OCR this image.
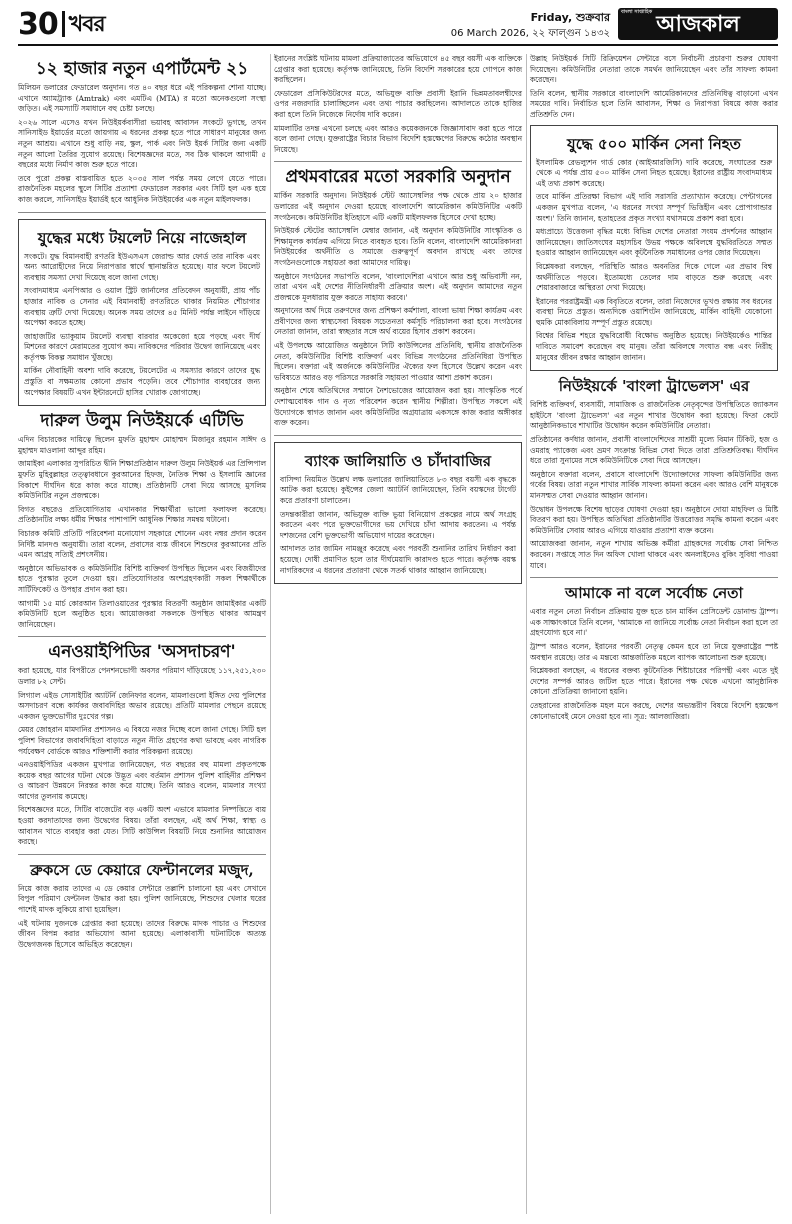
30 খবর	Friday, শুক্রবার
06 March 2026, ২২ ফাল্গুন ১৪৩২
বাংলা সাপ্তাহিক আজকাল
১২ হাজার নতুন এপার্টমেন্ট ২১

মিলিয়ন ডলারের ফেডারেল অনুদান। গত ৪০ বছর ধরে এই পরিকল্পনা শোনা যাচ্ছে। এখানে অ্যামট্র্যাক (Amtrak) এবং এমটিএ (MTA) র মতো অনেকগুলো সংস্থা জড়িত। এই সমস্যাটি সমাধানে বহু চেষ্টা চলছে।

২০২৬ সালে এসেও যখন নিউইয়র্কবাসীরা ভয়াবহ আবাসন সংকটে ভুগছে, তখন সানিসাইড ইয়ার্ডের মতো জায়গায় এ ধরনের প্রকল্প হতে পারে সাধারণ মানুষের জন্য নতুন আশ্রয়। এখানে শুধু বাড়ি নয়, স্কুল, পার্ক এবং নিউ ইয়র্ক সিটির জন্য একটি নতুন আলো তৈরির সুযোগ রয়েছে। বিশেষজ্ঞদের মতে, সব ঠিক থাকলে আগামী ৫ বছরের মধ্যে নির্মাণ কাজ শুরু হতে পারে।

তবে পুরো প্রকল্প বাস্তবায়িত হতে ২০৩৫ সাল পর্যন্ত সময় লেগে যেতে পারে। রাজনৈতিক মহলের স্থুলে সিটির প্রত্যাশা ফেডারেল সরকার এবং সিটি হল এক হয়ে কাজ করলে, সানিসাইড ইয়ার্ডই হবে আধুনিক নিউইয়র্কের এক নতুন মাইলফলক।

যুদ্ধের মধ্যে টয়লেট নিয়ে নাজেহাল

সংকটে। যুদ্ধ বিমানবাহী রণতরি ইউএসএস জেরাল্ড আর ফোর্ড তার নাবিক এবং অন্য আরোহীদের নিয়ে নিরাপত্তার স্বার্থে স্থানান্তরিত হয়েছে। যার ফলে টয়লেট ব্যবস্থায় সমস্যা দেখা দিয়েছে বলে জানা গেছে।

সংবাদমাধ্যম এনপিআর ও ওয়াল স্ট্রিট জার্নালের প্রতিবেদন অনুযায়ী, প্রায় পাঁচ হাজার নাবিক ও সেনার এই বিমানবাহী রণতরিতে থাকার নিয়মিত শৌচাগার ব্যবস্থায় ত্রুটি দেখা দিয়েছে। অনেক সময় তাদের ৪৫ মিনিট পর্যন্ত লাইনে দাঁড়িয়ে অপেক্ষা করতে হচ্ছে।

জাহাজটির ভ্যাকুয়াম টয়লেট ব্যবস্থা বারবার অকেজো হয়ে পড়ছে এবং দীর্ঘ মিশনের কারণে মেরামতের সুযোগ কম। নাবিকদের পরিবার উদ্বেগ জানিয়েছে এবং কর্তৃপক্ষ বিকল্প সমাধান খুঁজছে।

মার্কিন নৌবাহিনী অবশ্য দাবি করেছে, টয়লেটের এ সমস্যার কারণে তাদের যুদ্ধ প্রস্তুতি বা সক্ষমতায় কোনো প্রভাব পড়েনি। তবে শৌচাগার ব্যবহারের জন্য অপেক্ষার বিষয়টি এখন ইন্টারনেটে হাসির খোরাক জোগাচ্ছে।

দারুল উলুম নিউইয়র্কে এটিভি

এদিন বিচারকের দায়িত্বে ছিলেন মুফতি মুহাম্মদ মোহাম্মদ মিজানুর রহমান সাঈদ ও মুহাম্মদ মাওলানা আব্দুর রহিম।

জামাইকা এলাকার সুপরিচিত দ্বীনি শিক্ষাপ্রতিষ্ঠান দারুল উলুম নিউইয়র্ক এর প্রিন্সিপাল মুফতি মুহিবুল্লাহর তত্ত্বাবধানে কুরআনের হিফজ, নৈতিক শিক্ষা ও ইসলামি জ্ঞানের বিকাশে দীর্ঘদিন ধরে কাজ করে যাচ্ছে। প্রতিষ্ঠানটি সেবা দিয়ে আসছে মুসলিম কমিউনিটির নতুন প্রজন্মকে।

বিগত বছরেও প্রতিযোগিতায় এখানকার শিক্ষার্থীরা ভালো ফলাফল করেছে। প্রতিষ্ঠানটির লক্ষ্য ধর্মীয় শিক্ষার পাশাপাশি আধুনিক শিক্ষার সমন্বয় ঘটানো।

বিচারক কমিটি প্রতিটি পরিবেশনা মনোযোগ সহকারে শোনেন এবং নম্বর প্রদান করেন নির্দিষ্ট মানদণ্ড অনুযায়ী। তারা বলেন, প্রবাসের ব্যস্ত জীবনে শিশুদের কুরআনের প্রতি এমন আগ্রহ সত্যিই প্রশংসনীয়।

অনুষ্ঠানে অভিভাবক ও কমিউনিটির বিশিষ্ট ব্যক্তিবর্গ উপস্থিত ছিলেন এবং বিজয়ীদের হাতে পুরস্কার তুলে দেওয়া হয়। প্রতিযোগিতার অংশগ্রহণকারী সকল শিক্ষার্থীকে সার্টিফিকেট ও উপহার প্রদান করা হয়।

আগামী ১৫ মার্চ কোরআন তিলাওয়াতের পুরস্কার বিতরণী অনুষ্ঠান জামাইকার একটি কমিউনিটি হলে অনুষ্ঠিত হবে। আয়োজকরা সকলকে উপস্থিত থাকার আমন্ত্রণ জানিয়েছেন।

এনওয়াইপিডির 'অসদাচরণ'

করা হয়েছে, যার বিপরীতে পেনশনভোগী অবসর পরিমাণ দাঁড়িয়েছে ১১৭,২৫১,২৩০ ডলার ৮২ সেন্ট।

লিগ্যাল এইড সোসাইটির অ্যাটর্নি জেনিফার বলেন, মামলাগুলো ইঙ্গিত দেয় পুলিশের অসদাচরণ বন্ধে কার্যকর জবাবদিহির অভাব রয়েছে। প্রতিটি মামলার পেছনে রয়েছে একজন ভুক্তভোগীর দুঃখের গল্প।

মেয়র জোহরান মামদানির প্রশাসনও এ বিষয়ে নজর দিচ্ছে বলে জানা গেছে। সিটি হল পুলিশ বিভাগের জবাবদিহিতা বাড়াতে নতুন নীতি গ্রহণের কথা ভাবছে এবং নাগরিক পর্যবেক্ষণ বোর্ডকে আরও শক্তিশালী করার পরিকল্পনা রয়েছে।

এনওয়াইপিডির একজন মুখপাত্র জানিয়েছেন, গত বছরের বহু মামলা প্রকৃতপক্ষে কয়েক বছর আগের ঘটনা থেকে উদ্ভূত এবং বর্তমান প্রশাসন পুলিশ বাহিনীর প্রশিক্ষণ ও আচরণ উন্নয়নে নিরন্তর কাজ করে যাচ্ছে। তিনি আরও বলেন, মামলার সংখ্যা আগের তুলনায় কমেছে।

বিশেষজ্ঞদের মতে, সিটির বাজেটের বড় একটি অংশ এভাবে মামলার নিষ্পত্তিতে ব্যয় হওয়া করদাতাদের জন্য উদ্বেগের বিষয়। তাঁরা বলছেন, এই অর্থ শিক্ষা, স্বাস্থ্য ও আবাসন খাতে ব্যবহার করা যেত। সিটি কাউন্সিল বিষয়টি নিয়ে শুনানির আয়োজন করছে।

ব্রুকসে ডে কেয়ারে ফেন্টানলের মজুদ,

নিয়ে কাজ করায় তাদের এ ডে কেয়ার সেন্টারে তল্লাশি চালানো হয় এবং সেখানে বিপুল পরিমাণ ফেন্টানল উদ্ধার করা হয়। পুলিশ জানিয়েছে, শিশুদের খেলার ঘরের পাশেই মাদক লুকিয়ে রাখা হয়েছিল।

এই ঘটনায় দুজনকে গ্রেপ্তার করা হয়েছে। তাদের বিরুদ্ধে মাদক পাচার ও শিশুদের জীবন বিপন্ন করার অভিযোগ আনা হয়েছে। এলাকাবাসী ঘটনাটিকে অত্যন্ত উদ্বেগজনক হিসেবে অভিহিত করেছেন।

ইরানের সংশ্লিষ্ট ঘটনায় মামলা প্রক্রিয়াজাতের অভিযোগে ৪৫ বছর বয়সী এক ব্যক্তিকে গ্রেপ্তার করা হয়েছে। কর্তৃপক্ষ জানিয়েছে, তিনি বিদেশি সরকারের হয়ে গোপনে কাজ করছিলেন।

ফেডারেল প্রসিকিউটরদের মতে, অভিযুক্ত ব্যক্তি প্রবাসী ইরানি ভিন্নমতাবলম্বীদের ওপর নজরদারি চালাচ্ছিলেন এবং তথ্য পাচার করছিলেন। আদালতে তাকে হাজির করা হলে তিনি নিজেকে নির্দোষ দাবি করেন।

মামলাটির তদন্ত এখনো চলছে এবং আরও কয়েকজনকে জিজ্ঞাসাবাদ করা হতে পারে বলে জানা গেছে। যুক্তরাষ্ট্রের বিচার বিভাগ বিদেশি হস্তক্ষেপের বিরুদ্ধে কঠোর অবস্থান নিয়েছে।

প্রথমবারের মতো সরকারি অনুদান

মার্কিন সরকারি অনুদান। নিউইয়র্ক স্টেট অ্যাসেম্বলির পক্ষ থেকে প্রায় ২০ হাজার ডলারের এই অনুদান দেওয়া হয়েছে বাংলাদেশি আমেরিকান কমিউনিটির একটি সংগঠনকে। কমিউনিটির ইতিহাসে এটি একটি মাইলফলক হিসেবে দেখা হচ্ছে।

নিউইয়র্ক স্টেটের অ্যাসেম্বলি মেম্বার জানান, এই অনুদান কমিউনিটির সাংস্কৃতিক ও শিক্ষামূলক কার্যক্রম এগিয়ে নিতে ব্যবহৃত হবে। তিনি বলেন, বাংলাদেশি আমেরিকানরা নিউইয়র্কের অর্থনীতি ও সমাজে গুরুত্বপূর্ণ অবদান রাখছে এবং তাদের সংগঠনগুলোকে সহায়তা করা আমাদের দায়িত্ব।

অনুষ্ঠানে সংগঠনের সভাপতি বলেন, 'বাংলাদেশিরা এখানে আর শুধু অভিবাসী নন, তারা এখন এই দেশের নীতিনির্ধারণী প্রক্রিয়ার অংশ। এই অনুদান আমাদের নতুন প্রজন্মকে মূলধারায় যুক্ত করতে সাহায্য করবে।'

অনুদানের অর্থ দিয়ে তরুণদের জন্য প্রশিক্ষণ কর্মশালা, বাংলা ভাষা শিক্ষা কার্যক্রম এবং প্রবীণদের জন্য স্বাস্থ্যসেবা বিষয়ক সচেতনতা কর্মসূচি পরিচালনা করা হবে। সংগঠনের নেতারা জানান, তারা স্বচ্ছতার সঙ্গে অর্থ ব্যয়ের হিসাব প্রকাশ করবেন।

এই উপলক্ষে আয়োজিত অনুষ্ঠানে সিটি কাউন্সিলের প্রতিনিধি, স্থানীয় রাজনৈতিক নেতা, কমিউনিটির বিশিষ্ট ব্যক্তিবর্গ এবং বিভিন্ন সংগঠনের প্রতিনিধিরা উপস্থিত ছিলেন। বক্তারা এই অর্জনকে কমিউনিটির ঐক্যের ফল হিসেবে উল্লেখ করেন এবং ভবিষ্যতে আরও বড় পরিসরে সরকারি সহায়তা পাওয়ার আশা প্রকাশ করেন।

অনুষ্ঠান শেষে অতিথিদের সম্মানে নৈশভোজের আয়োজন করা হয়। সাংস্কৃতিক পর্বে দেশাত্মবোধক গান ও নৃত্য পরিবেশন করেন স্থানীয় শিল্পীরা। উপস্থিত সকলে এই উদ্যোগকে স্বাগত জানান এবং কমিউনিটির অগ্রযাত্রায় একসঙ্গে কাজ করার অঙ্গীকার ব্যক্ত করেন।

ব্যাংক জালিয়াতি ও চাঁদাবাজির

বাসিন্দা নিয়মিত উল্লেখ লক্ষ ডলারের জালিয়াতিতে ৮৩ বছর বয়সী এক বৃদ্ধকে আটক করা হয়েছে। কুইন্সের জেলা অ্যাটর্নি জানিয়েছেন, তিনি বয়স্কদের টার্গেট করে প্রতারণা চালাতেন।

তদন্তকারীরা জানান, অভিযুক্ত ব্যক্তি ভুয়া বিনিয়োগ প্রকল্পের নামে অর্থ সংগ্রহ করতেন এবং পরে ভুক্তভোগীদের ভয় দেখিয়ে চাঁদা আদায় করতেন। এ পর্যন্ত দশজনের বেশি ভুক্তভোগী অভিযোগ দায়ের করেছেন।

আদালত তার জামিন নামঞ্জুর করেছে এবং পরবর্তী শুনানির তারিখ নির্ধারণ করা হয়েছে। দোষী প্রমাণিত হলে তার দীর্ঘমেয়াদি কারাদণ্ড হতে পারে। কর্তৃপক্ষ বয়স্ক নাগরিকদের এ ধরনের প্রতারণা থেকে সতর্ক থাকার আহ্বান জানিয়েছে।

উল্লাহ নিউইয়র্ক সিটি রিক্রিয়েশন সেন্টারে বসে নির্বাচনী প্রচারণা শুরুর ঘোষণা দিয়েছেন। কমিউনিটির নেতারা তাকে সমর্থন জানিয়েছেন এবং তাঁর সাফল্য কামনা করেছেন।

তিনি বলেন, স্থানীয় সরকারে বাংলাদেশি আমেরিকানদের প্রতিনিধিত্ব বাড়ানো এখন সময়ের দাবি। নির্বাচিত হলে তিনি আবাসন, শিক্ষা ও নিরাপত্তা বিষয়ে কাজ করার প্রতিশ্রুতি দেন।

যুদ্ধে ৫০০ মার্কিন সেনা নিহত

ইসলামিক রেভল্যুশন গার্ড কোর (আইআরজিসি) দাবি করেছে, সংঘাতের শুরু থেকে এ পর্যন্ত প্রায় ৫০০ মার্কিন সেনা নিহত হয়েছে। ইরানের রাষ্ট্রীয় সংবাদমাধ্যম এই তথ্য প্রকাশ করেছে।

তবে মার্কিন প্রতিরক্ষা বিভাগ এই দাবি সরাসরি প্রত্যাখ্যান করেছে। পেন্টাগনের একজন মুখপাত্র বলেন, 'এ ধরনের সংখ্যা সম্পূর্ণ ভিত্তিহীন এবং প্রোপাগান্ডার অংশ।' তিনি জানান, হতাহতের প্রকৃত সংখ্যা যথাসময়ে প্রকাশ করা হবে।

মধ্যপ্রাচ্যে উত্তেজনা বৃদ্ধির মধ্যে বিভিন্ন দেশের নেতারা সংযম প্রদর্শনের আহ্বান জানিয়েছেন। জাতিসংঘের মহাসচিব উভয় পক্ষকে অবিলম্বে যুদ্ধবিরতিতে সম্মত হওয়ার আহ্বান জানিয়েছেন এবং কূটনৈতিক সমাধানের ওপর জোর দিয়েছেন।

বিশ্লেষকরা বলছেন, পরিস্থিতি আরও অবনতির দিকে গেলে এর প্রভাব বিশ্ব অর্থনীতিতে পড়বে। ইতোমধ্যে তেলের দাম বাড়তে শুরু করেছে এবং শেয়ারবাজারে অস্থিরতা দেখা দিয়েছে।

ইরানের পররাষ্ট্রমন্ত্রী এক বিবৃতিতে বলেন, তারা নিজেদের ভূখণ্ড রক্ষায় সব ধরনের ব্যবস্থা নিতে প্রস্তুত। অন্যদিকে ওয়াশিংটন জানিয়েছে, মার্কিন বাহিনী যেকোনো হুমকি মোকাবিলায় সম্পূর্ণ প্রস্তুত রয়েছে।

বিশ্বের বিভিন্ন শহরে যুদ্ধবিরোধী বিক্ষোভ অনুষ্ঠিত হয়েছে। নিউইয়র্কেও শান্তির দাবিতে সমাবেশ করেছেন বহু মানুষ। তাঁরা অবিলম্বে সংঘাত বন্ধ এবং নিরীহ মানুষের জীবন রক্ষার আহ্বান জানান।

নিউইয়র্কে 'বাংলা ট্রাভেলস' এর

বিশিষ্ট ব্যক্তিবর্গ, ব্যবসায়ী, সামাজিক ও রাজনৈতিক নেতৃবৃন্দের উপস্থিতিতে জ্যাকসন হাইটসে 'বাংলা ট্রাভেলস' এর নতুন শাখার উদ্বোধন করা হয়েছে। ফিতা কেটে আনুষ্ঠানিকভাবে শাখাটির উদ্বোধন করেন কমিউনিটির নেতারা।

প্রতিষ্ঠানের কর্ণধার জানান, প্রবাসী বাংলাদেশিদের সাশ্রয়ী মূল্যে বিমান টিকিট, হজ ও ওমরাহ প্যাকেজ এবং ভ্রমণ সংক্রান্ত বিভিন্ন সেবা দিতে তারা প্রতিশ্রুতিবদ্ধ। দীর্ঘদিন ধরে তারা সুনামের সঙ্গে কমিউনিটিকে সেবা দিয়ে আসছেন।

অনুষ্ঠানে বক্তারা বলেন, প্রবাসে বাংলাদেশি উদ্যোক্তাদের সাফল্য কমিউনিটির জন্য গর্বের বিষয়। তারা নতুন শাখার সার্বিক সাফল্য কামনা করেন এবং আরও বেশি মানুষকে মানসম্মত সেবা দেওয়ার আহ্বান জানান।

উদ্বোধন উপলক্ষে বিশেষ ছাড়ের ঘোষণা দেওয়া হয়। অনুষ্ঠানে দোয়া মাহফিল ও মিষ্টি বিতরণ করা হয়। উপস্থিত অতিথিরা প্রতিষ্ঠানটির উত্তরোত্তর সমৃদ্ধি কামনা করেন এবং কমিউনিটির সেবায় আরও এগিয়ে যাওয়ার প্রত্যাশা ব্যক্ত করেন।

আয়োজকরা জানান, নতুন শাখায় অভিজ্ঞ কর্মীরা গ্রাহকদের সর্বোচ্চ সেবা নিশ্চিত করবেন। সপ্তাহে সাত দিন অফিস খোলা থাকবে এবং অনলাইনেও বুকিং সুবিধা পাওয়া যাবে।

আমাকে না বলে সর্বোচ্চ নেতা

এবার নতুন নেতা নির্বাচন প্রক্রিয়ায় যুক্ত হতে চান মার্কিন প্রেসিডেন্ট ডোনাল্ড ট্রাম্প। এক সাক্ষাৎকারে তিনি বলেন, 'আমাকে না জানিয়ে সর্বোচ্চ নেতা নির্বাচন করা হলে তা গ্রহণযোগ্য হবে না।'

ট্রাম্প আরও বলেন, ইরানের পরবর্তী নেতৃত্ব কেমন হবে তা নিয়ে যুক্তরাষ্ট্রের স্পষ্ট অবস্থান রয়েছে। তার এ মন্তব্যে আন্তর্জাতিক মহলে ব্যাপক আলোচনা শুরু হয়েছে।

বিশ্লেষকরা বলছেন, এ ধরনের বক্তব্য কূটনৈতিক শিষ্টাচারের পরিপন্থী এবং এতে দুই দেশের সম্পর্ক আরও জটিল হতে পারে। ইরানের পক্ষ থেকে এখনো আনুষ্ঠানিক কোনো প্রতিক্রিয়া জানানো হয়নি।

তেহরানের রাজনৈতিক মহল মনে করছে, দেশের অভ্যন্তরীণ বিষয়ে বিদেশি হস্তক্ষেপ কোনোভাবেই মেনে নেওয়া হবে না। সূত্র: আলজাজিরা।
